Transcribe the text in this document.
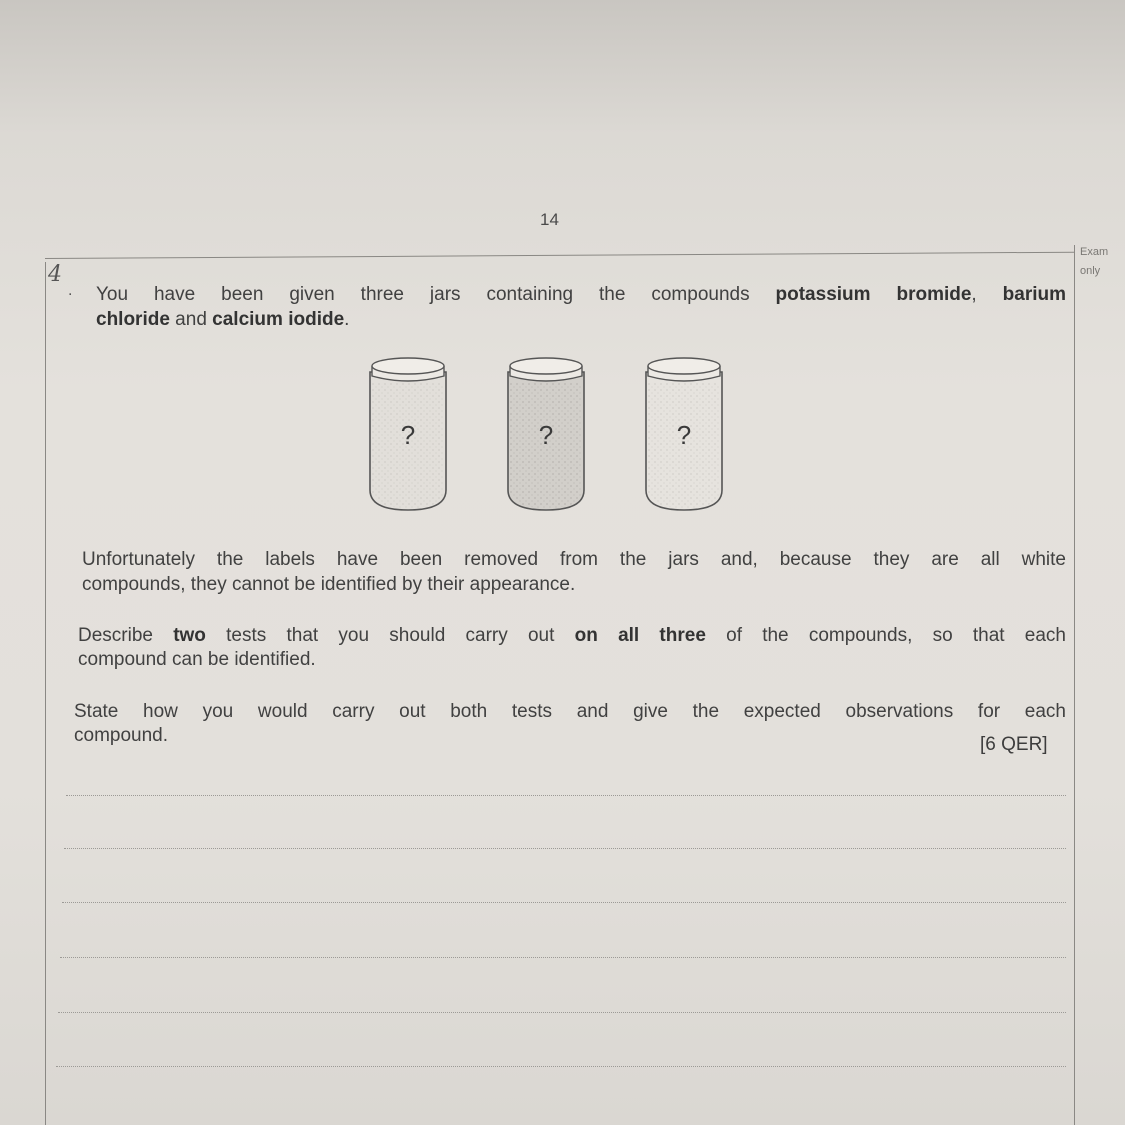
14
Exam
only
4
. You have been given three jars containing the compounds potassium bromide, barium
chloride and calcium iodide.
?	?	?
Unfortunately the labels have been removed from the jars and, because they are all white
compounds, they cannot be identified by their appearance.
Describe two tests that you should carry out on all three of the compounds, so that each
compound can be identified.
State how you would carry out both tests and give the expected observations for each
compound.	[6 QER]
